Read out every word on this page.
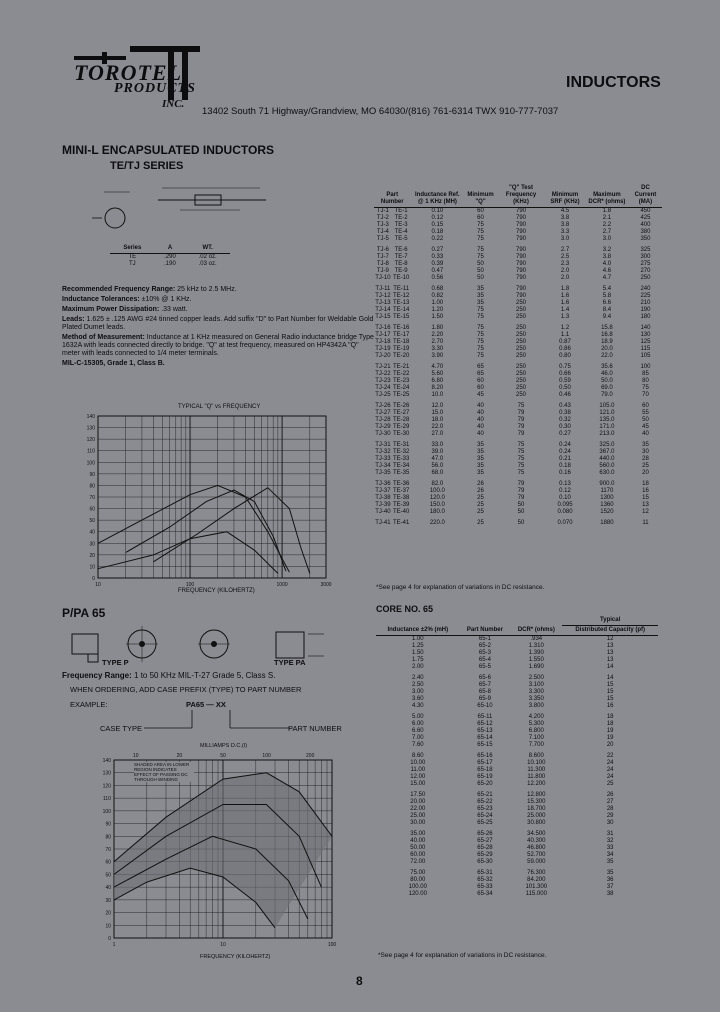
TOROTEL
PRODUCTS
INC.
INDUCTORS
13402 South 71 Highway/Grandview, MO 64030/(816) 761-6314 TWX 910-777-7037
MINI-L ENCAPSULATED INDUCTORS
TE/TJ SERIES
Series	A	WT.
TE	.290	.02 oz.
TJ	.190	.03 oz.

Recommended Frequency Range: 25 kHz to 2.5 MHz.

Inductance Tolerances: ±10% @ 1 KHz.

Maximum Power Dissipation: .33 watt.

Leads: 1.625 ± .125 AWG #24 tinned copper leads. Add suffix "D" to Part Number for Weldable Gold Plated Dumet leads.

Method of Measurement: Inductance at 1 KHz measured on General Radio inductance bridge Type 1632A with leads connected directly to bridge. "Q" at test frequency, measured on HP4342A "Q" meter with leads connected to 1/4 meter terminals.

MIL-C-15305, Grade 1, Class B.

TYPICAL "Q" vs FREQUENCY
0
10
20
30
40
50
60
70
80
90
100
110
120
130
140
10	100	1000	3000
FREQUENCY (KILOHERTZ)
Part Number		Inductance Ref. @ 1 KHz (MH)	Minimum "Q"	"Q" Test Frequency (KHz)	Minimum SRF (KHz)	Maximum DCR* (ohms)	DC Current (MA)
TJ-1	TE-1	0.10	60	790	4.5	1.8	450
TJ-2	TE-2	0.12	60	790	3.8	2.1	425
TJ-3	TE-3	0.15	75	790	3.8	2.2	400
TJ-4	TE-4	0.18	75	790	3.3	2.7	380
TJ-5	TE-5	0.22	75	790	3.0	3.0	350
TJ-6	TE-6	0.27	75	790	2.7	3.2	325
TJ-7	TE-7	0.33	75	790	2.5	3.8	300
TJ-8	TE-8	0.39	50	790	2.3	4.0	275
TJ-9	TE-9	0.47	50	790	2.0	4.6	270
TJ-10	TE-10	0.56	50	790	2.0	4.7	250
TJ-11	TE-11	0.68	35	790	1.8	5.4	240
TJ-12	TE-12	0.82	35	790	1.6	5.8	225
TJ-13	TE-13	1.00	35	250	1.6	6.6	210
TJ-14	TE-14	1.20	75	250	1.4	8.4	190
TJ-15	TE-15	1.50	75	250	1.3	9.4	180
TJ-16	TE-16	1.80	75	250	1.2	15.8	140
TJ-17	TE-17	2.20	75	250	1.1	16.8	130
TJ-18	TE-18	2.70	75	250	0.87	18.9	125
TJ-19	TE-19	3.30	75	250	0.86	20.0	115
TJ-20	TE-20	3.90	75	250	0.80	22.0	105
TJ-21	TE-21	4.70	65	250	0.75	35.6	100
TJ-22	TE-22	5.60	65	250	0.66	46.0	85
TJ-23	TE-23	6.80	60	250	0.59	50.0	80
TJ-24	TE-24	8.20	60	250	0.50	69.0	75
TJ-25	TE-25	10.0	45	250	0.46	79.0	70
TJ-26	TE-26	12.0	40	75	0.43	105.0	60
TJ-27	TE-27	15.0	40	79	0.38	121.0	55
TJ-28	TE-28	18.0	40	79	0.32	135.0	50
TJ-29	TE-29	22.0	40	79	0.30	171.0	45
TJ-30	TE-30	27.0	40	79	0.27	213.0	40
TJ-31	TE-31	33.0	35	75	0.24	325.0	35
TJ-32	TE-32	39.0	35	75	0.24	367.0	30
TJ-33	TE-33	47.0	35	75	0.21	440.0	28
TJ-34	TE-34	56.0	35	75	0.18	560.0	25
TJ-35	TE-35	68.0	35	75	0.16	630.0	20
TJ-36	TE-36	82.0	26	79	0.13	900.0	18
TJ-37	TE-37	100.0	26	79	0.12	1170	16
TJ-38	TE-38	120.0	25	79	0.10	1300	15
TJ-39	TE-39	150.0	25	50	0.095	1360	13
TJ-40	TE-40	180.0	25	50	0.080	1520	12
TJ-41	TE-41	220.0	25	50	0.070	1880	11
*See page 4 for explanation of variations in DC resistance.
P/PA 65
TYPE P	TYPE PA
Frequency Range: 1 to 50 KHz MIL-T-27 Grade 5, Class S.
WHEN ORDERING, ADD CASE PREFIX (TYPE) TO PART NUMBER
EXAMPLE:	PA65 — XX
CASE TYPE	PART NUMBER
MILLIAMPS D.C.(I)
0
10
20
30
40
50
60
70
80
90
100
110
120
130
140
1	10	100
10	20	50	100	200
SHADED AREA IN LOWER REGION INDICATES EFFECT OF PASSING DC THROUGH WINDING
FREQUENCY (KILOHERTZ)
CORE NO. 65
			Typical
Inductance ±2% (mH)	Part Number	DCR* (ohms)	Distributed Capacity (pf)
1.00	65-1	.934	12
1.25	65-2	1.310	13
1.50	65-3	1.390	13
1.75	65-4	1.550	13
2.00	65-5	1.690	14
2.40	65-6	2.500	14
2.50	65-7	3.100	15
3.00	65-8	3.300	15
3.60	65-9	3.350	15
4.30	65-10	3.800	16
5.00	65-11	4.200	18
6.00	65-12	5.300	18
6.60	65-13	6.800	19
7.00	65-14	7.100	19
7.60	65-15	7.700	20
8.60	65-16	8.600	22
10.00	65-17	10.100	24
11.00	65-18	11.300	24
12.00	65-19	11.800	24
15.00	65-20	12.200	25
17.50	65-21	12.800	26
20.00	65-22	15.300	27
22.00	65-23	18.700	28
25.00	65-24	25.000	29
30.00	65-25	30.800	30
35.00	65-26	34.500	31
40.00	65-27	40.300	32
50.00	65-28	46.800	33
60.00	65-29	52.700	34
72.00	65-30	59.000	35
75.00	65-31	76.300	35
80.00	65-32	84.200	36
100.00	65-33	101.300	37
120.00	65-34	115.000	38
*See page 4 for explanation of variations in DC resistance.
8
